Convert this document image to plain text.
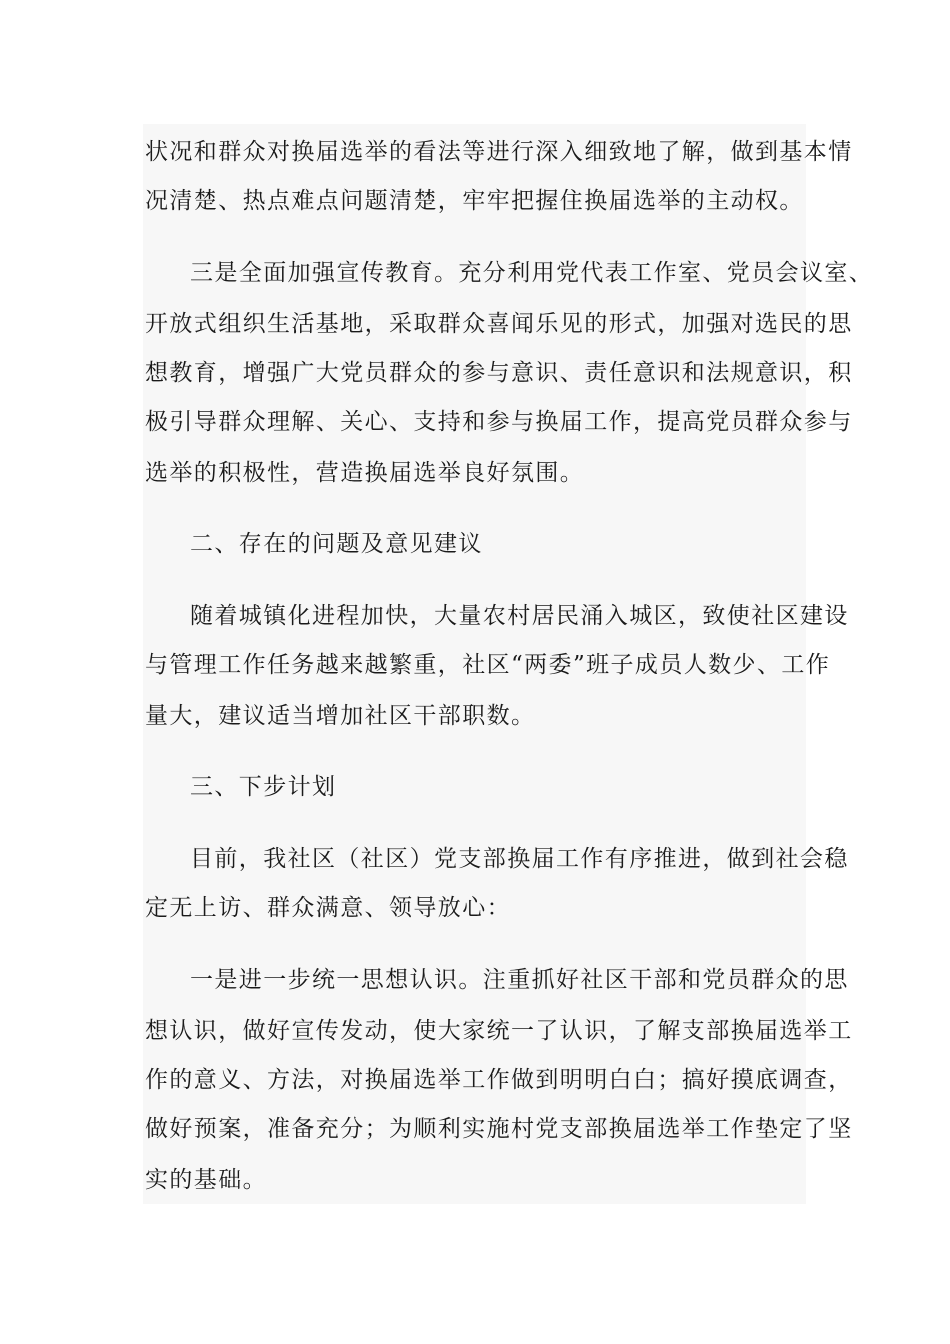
状况和群众对换届选举的看法等进行深入细致地了解，做到基本情
况清楚、热点难点问题清楚，牢牢把握住换届选举的主动权。
三是全面加强宣传教育。充分利用党代表工作室、党员会议室、
开放式组织生活基地，采取群众喜闻乐见的形式，加强对选民的思
想教育，增强广大党员群众的参与意识、责任意识和法规意识，积
极引导群众理解、关心、支持和参与换届工作，提高党员群众参与
选举的积极性，营造换届选举良好氛围。
二、存在的问题及意见建议
随着城镇化进程加快，大量农村居民涌入城区，致使社区建设
与管理工作任务越来越繁重，社区“两委”班子成员人数少、工作
量大，建议适当增加社区干部职数。
三、下步计划
目前，我社区（社区）党支部换届工作有序推进，做到社会稳
定无上访、群众满意、领导放心：
一是进一步统一思想认识。注重抓好社区干部和党员群众的思
想认识，做好宣传发动，使大家统一了认识，了解支部换届选举工
作的意义、方法，对换届选举工作做到明明白白；搞好摸底调查，
做好预案，准备充分；为顺利实施村党支部换届选举工作垫定了坚
实的基础。
